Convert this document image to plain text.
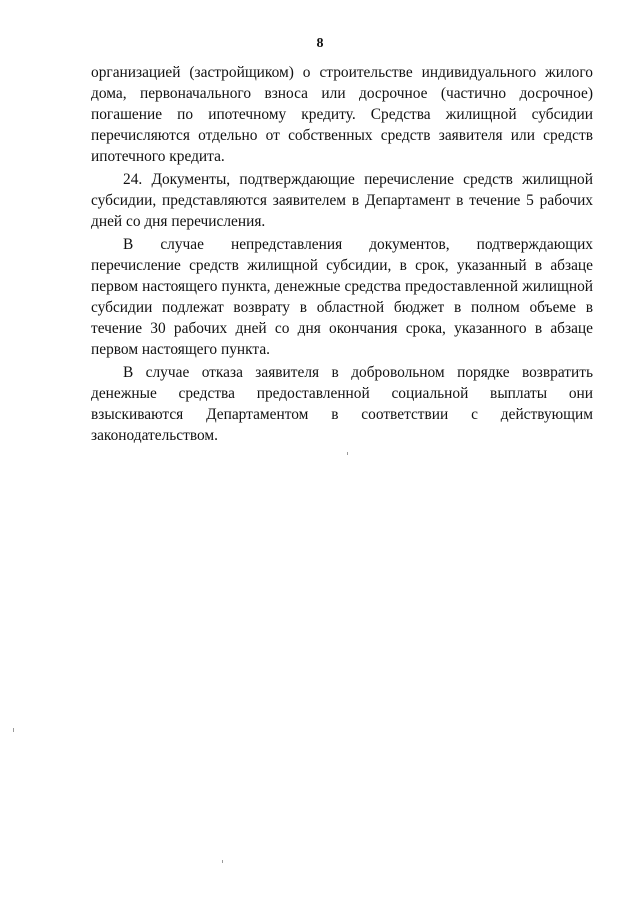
8

организацией (застройщиком) о строительстве индивидуального жилого дома, первоначального взноса или досрочное (частично досрочное) погашение по ипотечному кредиту. Средства жилищной субсидии перечисляются отдельно от собственных средств заявителя или средств ипотечного кредита.

24. Документы, подтверждающие перечисление средств жилищной субсидии, представляются заявителем в Департамент в течение 5 рабочих дней со дня перечисления.

В случае непредставления документов, подтверждающих перечисление средств жилищной субсидии, в срок, указанный в абзаце первом настоящего пункта, денежные средства предоставленной жилищной субсидии подлежат возврату в областной бюджет в полном объеме в течение 30 рабочих дней со дня окончания срока, указанного в абзаце первом настоящего пункта.

В случае отказа заявителя в добровольном порядке возвратить денежные средства предоставленной социальной выплаты они взыскиваются Департаментом в соответствии с действующим законодательством.
